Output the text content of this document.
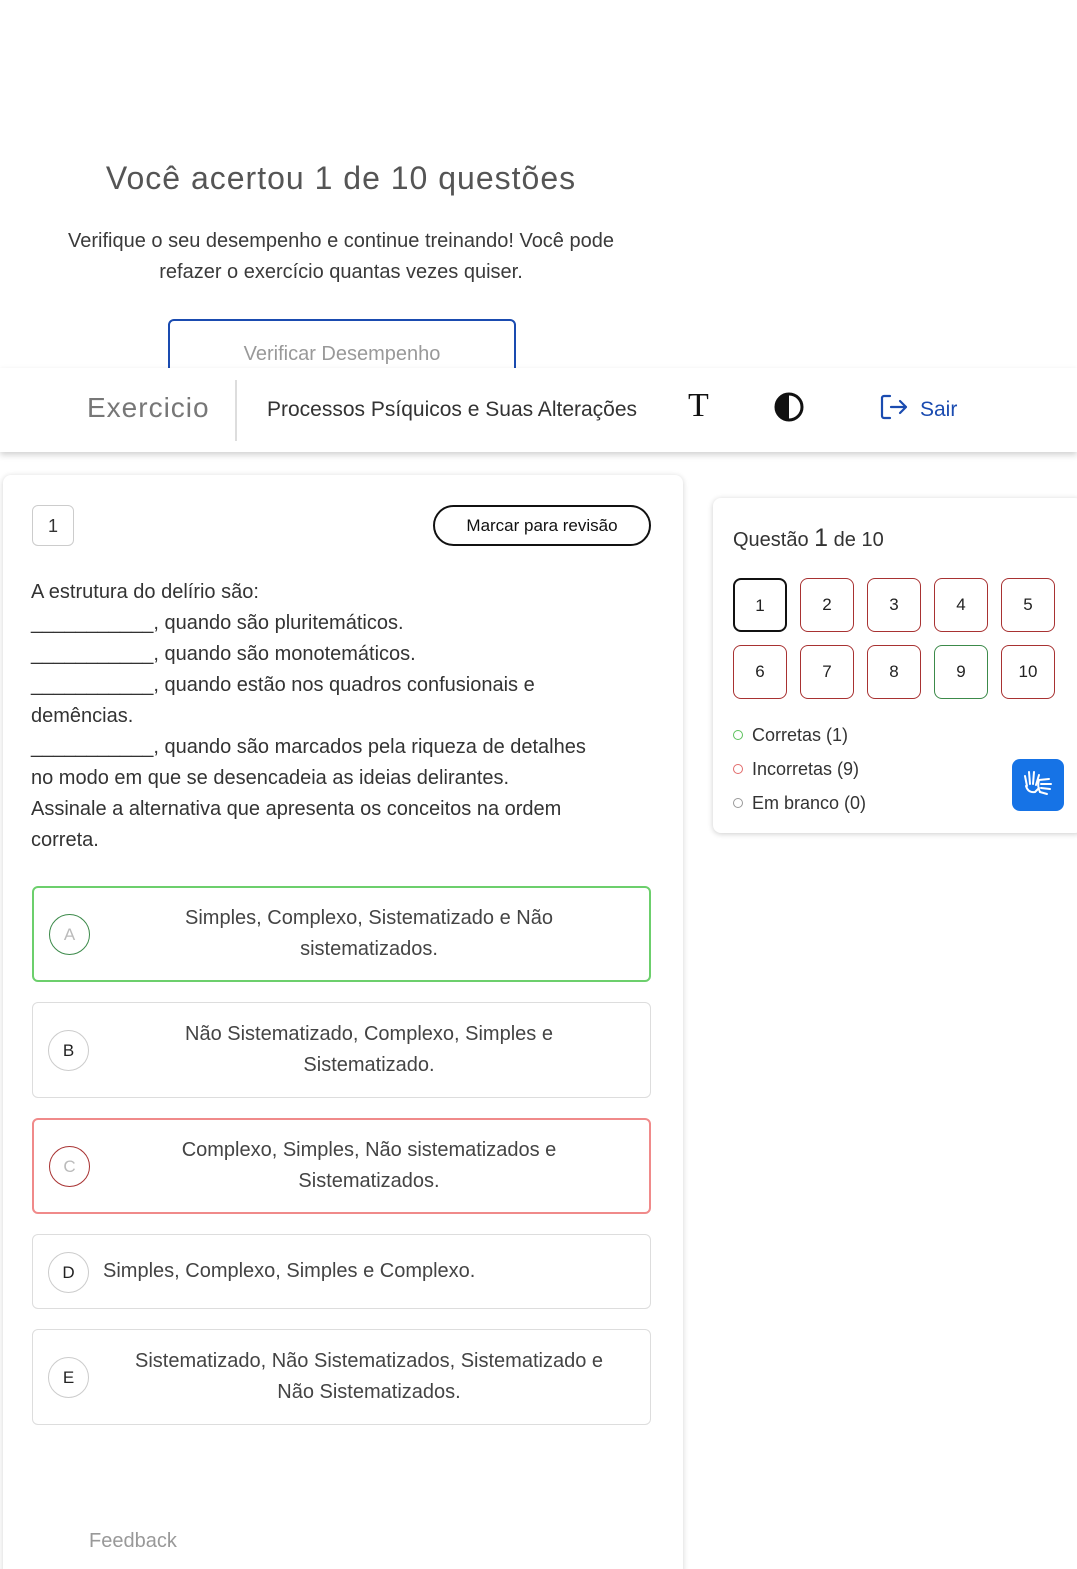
Você acertou 1 de 10 questões
Verifique o seu desempenho e continue treinando! Você pode
refazer o exercício quantas vezes quiser.
Verificar Desempenho
Exercicio	Processos Psíquicos e Suas Alterações T	Sair
1	Marcar para revisão
A estrutura do delírio são:
___________, quando são pluritemáticos.
___________, quando são monotemáticos.
___________, quando estão nos quadros confusionais e
demências.
___________, quando são marcados pela riqueza de detalhes
no modo em que se desencadeia as ideias delirantes.
Assinale a alternativa que apresenta os conceitos na ordem
correta.
A
Simples, Complexo, Sistematizado e Não
sistematizados.
B
Não Sistematizado, Complexo, Simples e
Sistematizado.
C
Complexo, Simples, Não sistematizados e
Sistematizados.
D	Simples, Complexo, Simples e Complexo.
E
Sistematizado, Não Sistematizados, Sistematizado e
Não Sistematizados.
Feedback
Questão 1 de 10
1	2	3	4	5
6	7	8	9	10
Corretas (1)
Incorretas (9)
Em branco (0)
